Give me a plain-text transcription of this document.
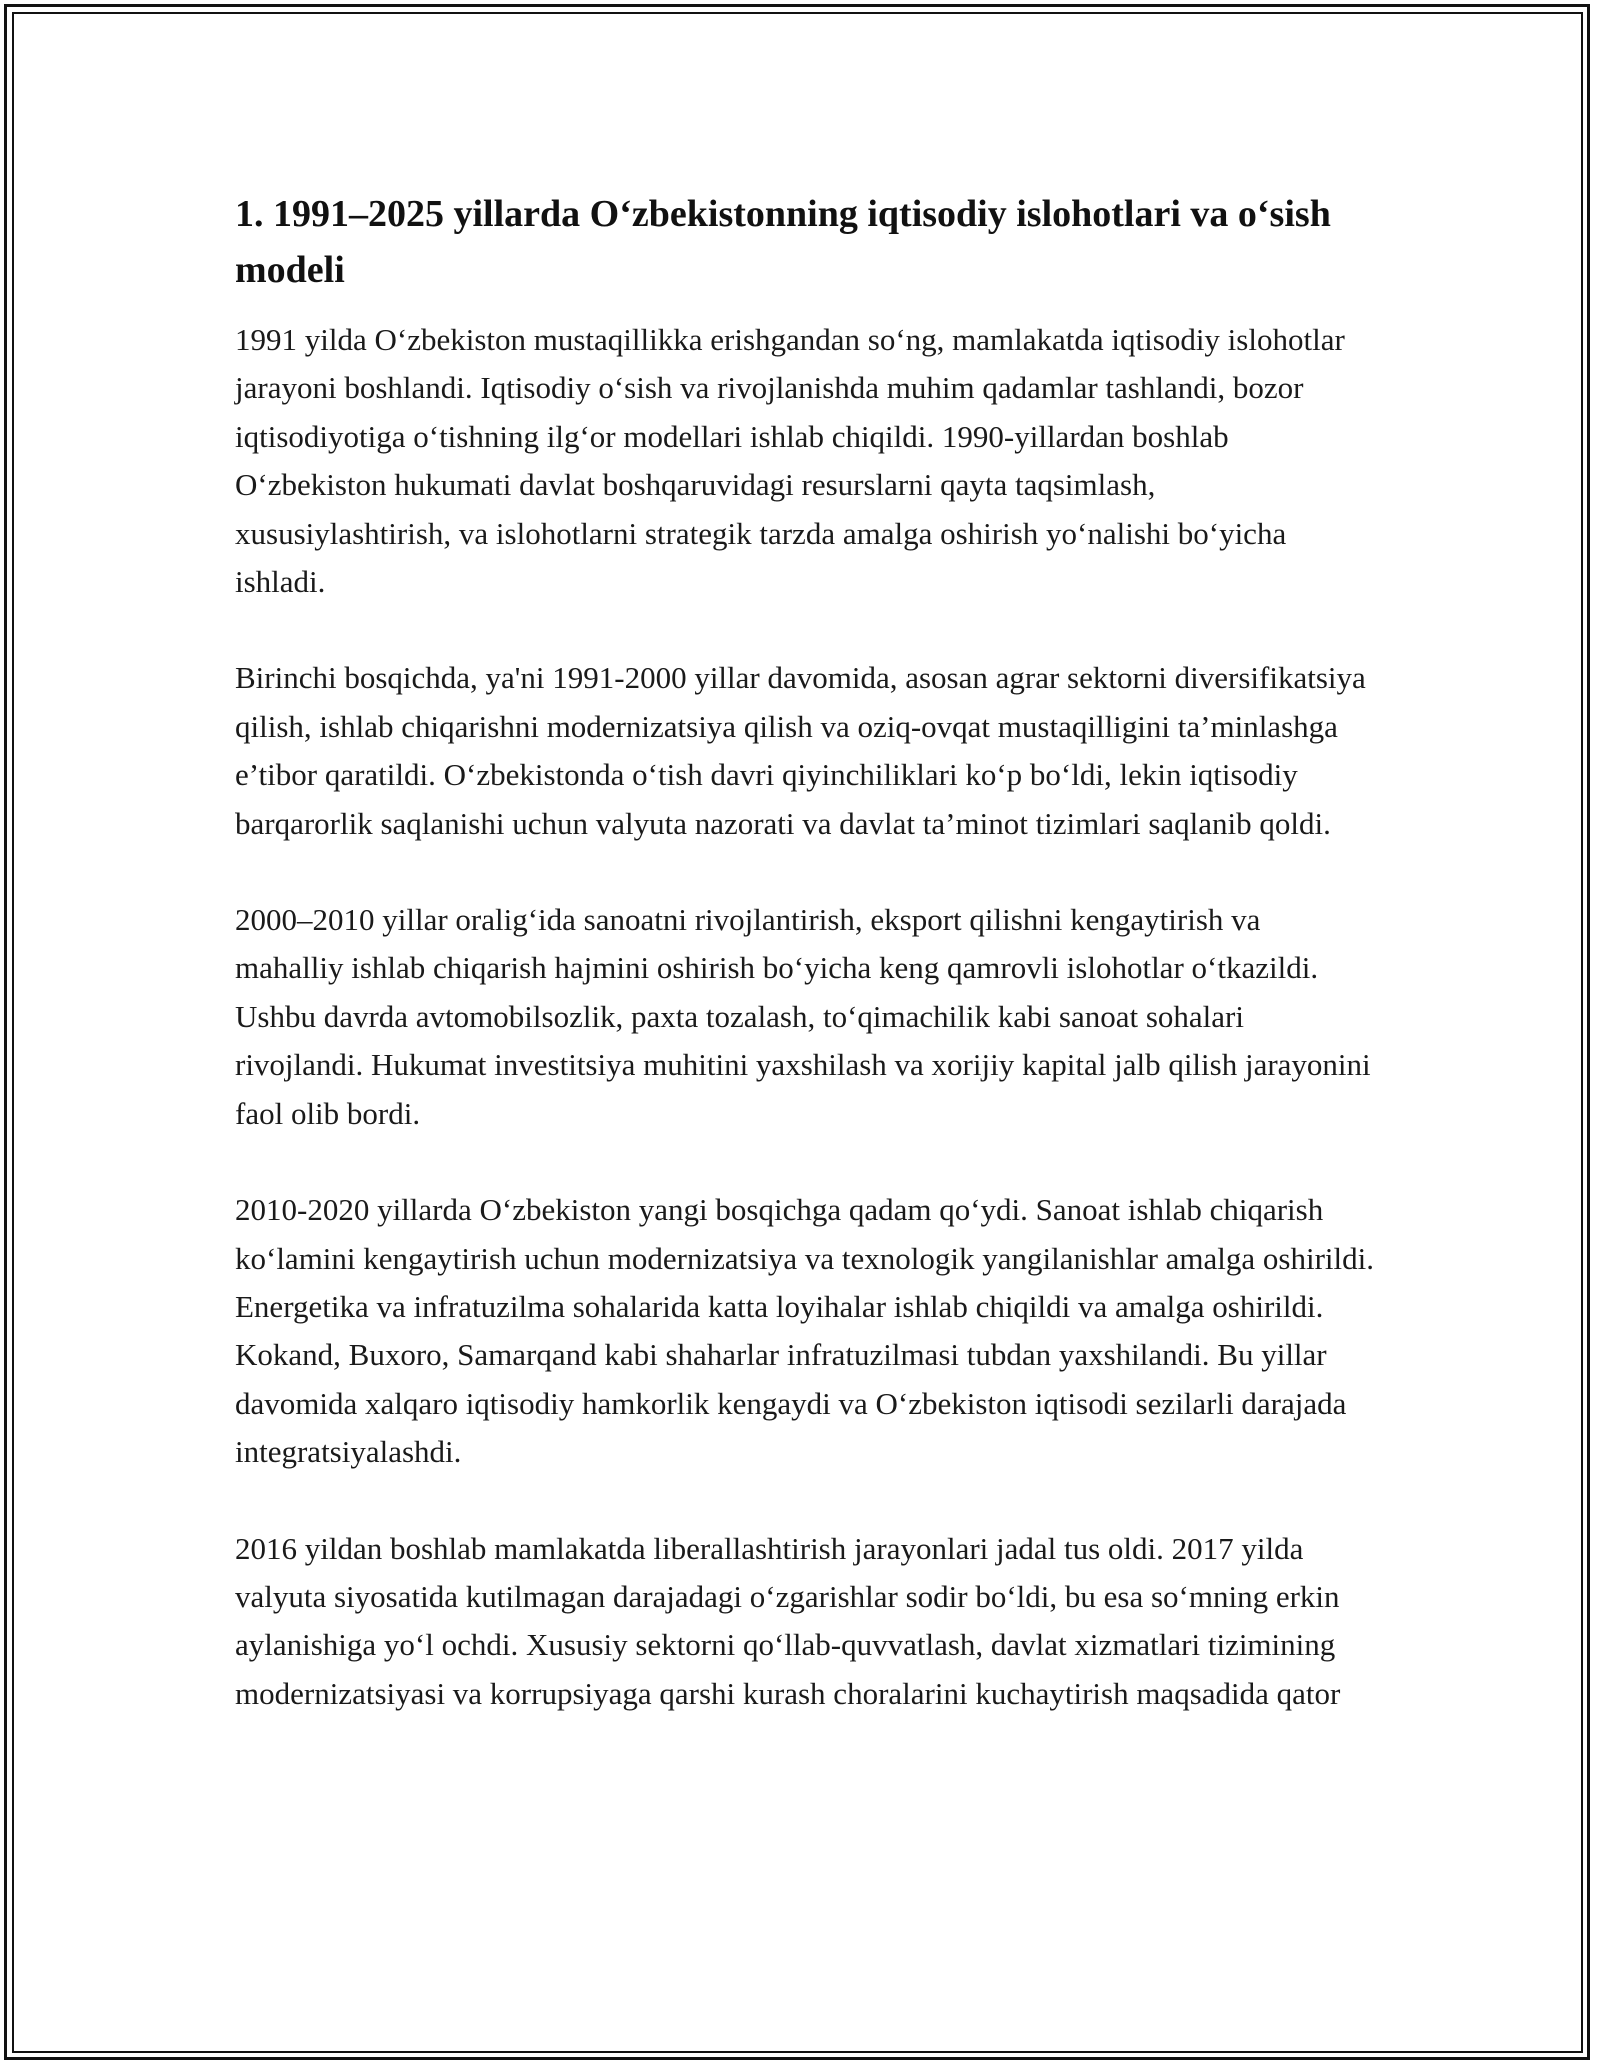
1. 1991–2025 yillarda O‘zbekistonning iqtisodiy islohotlari va o‘sish modeli

1991 yilda O‘zbekiston mustaqillikka erishgandan so‘ng, mamlakatda iqtisodiy islohotlar jarayoni boshlandi. Iqtisodiy o‘sish va rivojlanishda muhim qadamlar tashlandi, bozor iqtisodiyotiga o‘tishning ilg‘or modellari ishlab chiqildi. 1990-yillardan boshlab O‘zbekiston hukumati davlat boshqaruvidagi resurslarni qayta taqsimlash, xususiylashtirish, va islohotlarni strategik tarzda amalga oshirish yo‘nalishi bo‘yicha ishladi.

Birinchi bosqichda, ya'ni 1991-2000 yillar davomida, asosan agrar sektorni diversifikatsiya qilish, ishlab chiqarishni modernizatsiya qilish va oziq-ovqat mustaqilligini ta’minlashga e’tibor qaratildi. O‘zbekistonda o‘tish davri qiyinchiliklari ko‘p bo‘ldi, lekin iqtisodiy barqarorlik saqlanishi uchun valyuta nazorati va davlat ta’minot tizimlari saqlanib qoldi.

2000–2010 yillar oralig‘ida sanoatni rivojlantirish, eksport qilishni kengaytirish va mahalliy ishlab chiqarish hajmini oshirish bo‘yicha keng qamrovli islohotlar o‘tkazildi. Ushbu davrda avtomobilsozlik, paxta tozalash, to‘qimachilik kabi sanoat sohalari rivojlandi. Hukumat investitsiya muhitini yaxshilash va xorijiy kapital jalb qilish jarayonini faol olib bordi.

2010-2020 yillarda O‘zbekiston yangi bosqichga qadam qo‘ydi. Sanoat ishlab chiqarish ko‘lamini kengaytirish uchun modernizatsiya va texnologik yangilanishlar amalga oshirildi. Energetika va infratuzilma sohalarida katta loyihalar ishlab chiqildi va amalga oshirildi. Kokand, Buxoro, Samarqand kabi shaharlar infratuzilmasi tubdan yaxshilandi. Bu yillar davomida xalqaro iqtisodiy hamkorlik kengaydi va O‘zbekiston iqtisodi sezilarli darajada integratsiyalashdi.

2016 yildan boshlab mamlakatda liberallashtirish jarayonlari jadal tus oldi. 2017 yilda valyuta siyosatida kutilmagan darajadagi o‘zgarishlar sodir bo‘ldi, bu esa so‘mning erkin aylanishiga yo‘l ochdi. Xususiy sektorni qo‘llab-quvvatlash, davlat xizmatlari tizimining modernizatsiyasi va korrupsiyaga qarshi kurash choralarini kuchaytirish maqsadida qator
